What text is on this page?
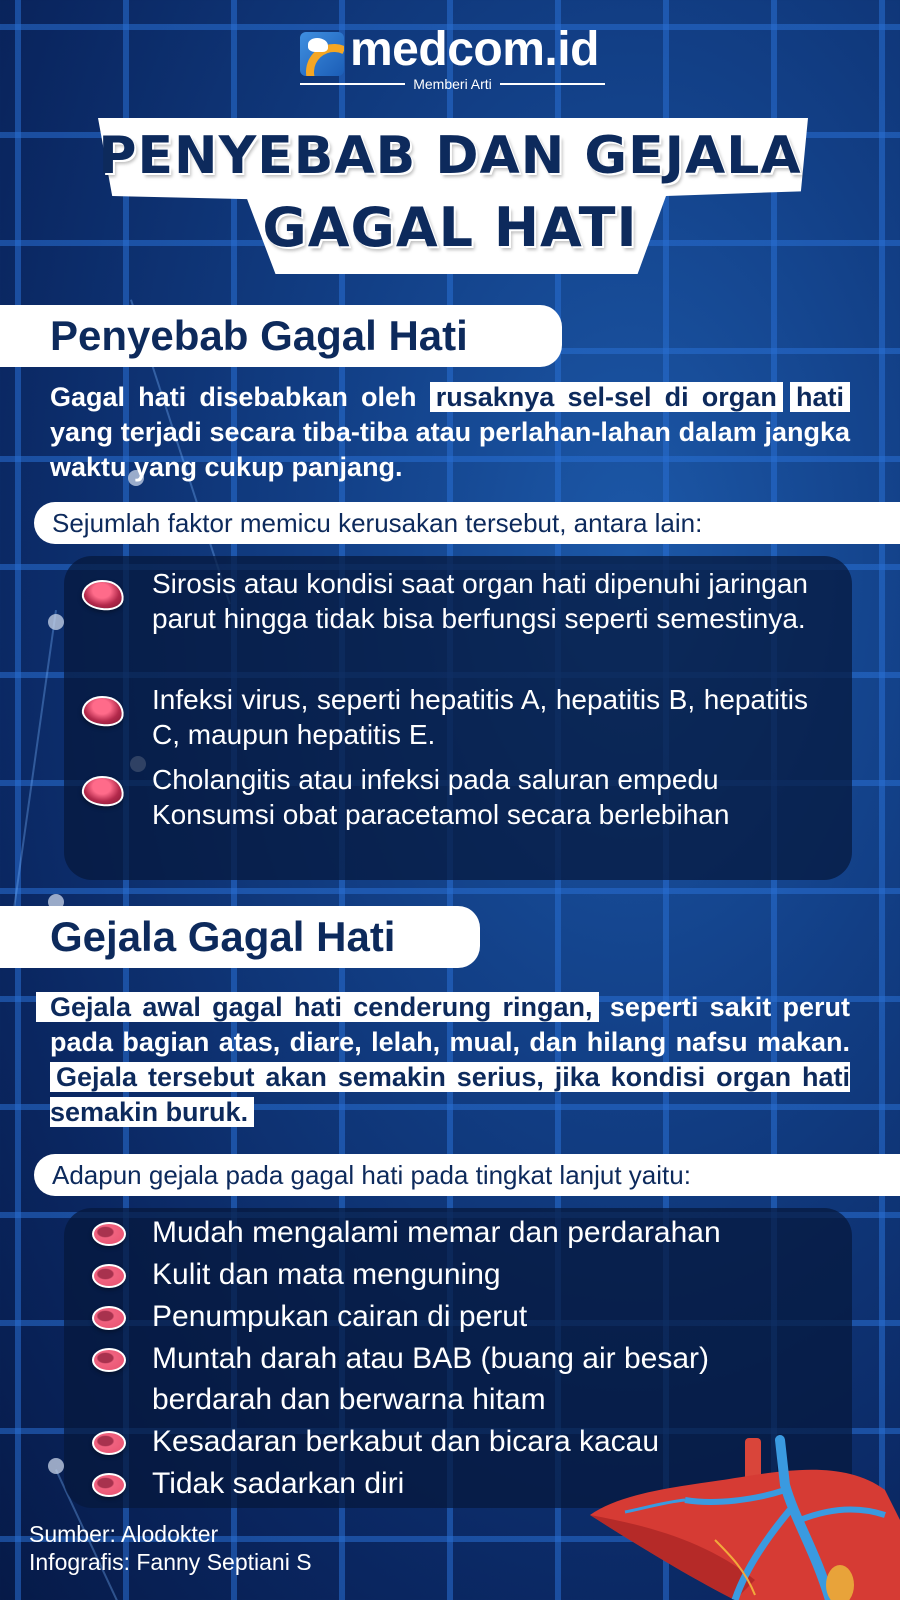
medcom.id
Memberi Arti
PENYEBAB DAN GEJALA
GAGAL HATI
Penyebab Gagal Hati
Gagal hati disebabkan oleh rusaknya sel-sel di organ hati yang terjadi secara tiba-tiba atau perlahan-lahan dalam jangka waktu yang cukup panjang.
Sejumlah faktor memicu kerusakan tersebut, antara lain:
Sirosis atau kondisi saat organ hati dipenuhi jaringan parut hingga tidak bisa berfungsi seperti semestinya.
Infeksi virus, seperti hepatitis A, hepatitis B, hepatitis C, maupun hepatitis E.
Cholangitis atau infeksi pada saluran empedu Konsumsi obat paracetamol secara berlebihan
Gejala Gagal Hati
Gejala awal gagal hati cenderung ringan, seperti sakit perut pada bagian atas, diare, lelah, mual, dan hilang nafsu makan. Gejala tersebut akan semakin serius, jika kondisi organ hati semakin buruk.
Adapun gejala pada gagal hati pada tingkat lanjut yaitu:
Mudah mengalami memar dan perdarahan
Kulit dan mata menguning
Penumpukan cairan di perut
Muntah darah atau BAB (buang air besar) berdarah dan berwarna hitam
Kesadaran berkabut dan bicara kacau
Tidak sadarkan diri
Sumber: Alodokter
Infografis: Fanny Septiani S
